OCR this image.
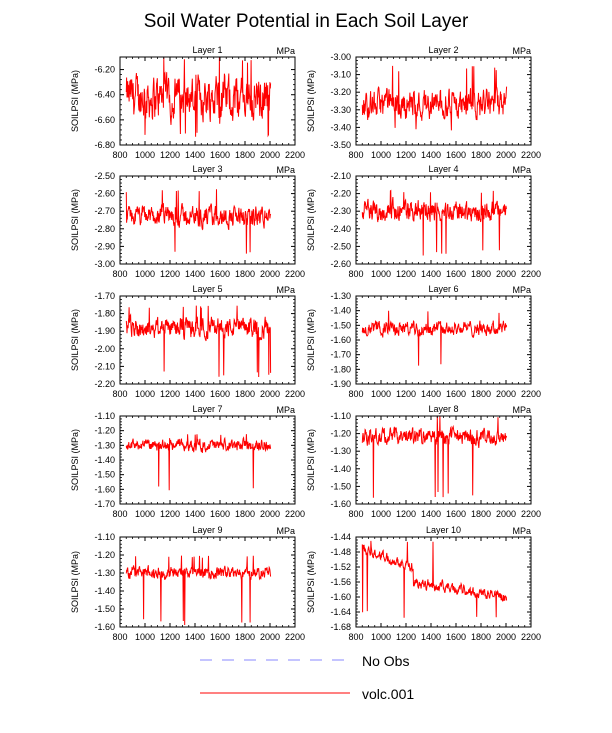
Soil Water Potential in Each Soil Layer
800 1000 1200 1400 1600 1800 2000 2200
-6.80
-6.60
-6.40
-6.20
Layer 1	MPa
SOILPSI (MPa)
800 1000 1200 1400 1600 1800 2000 2200
-3.50
-3.40
-3.30
-3.20
-3.10
-3.00
Layer 2	MPa
SOILPSI (MPa)
800 1000 1200 1400 1600 1800 2000 2200
-3.00
-2.90
-2.80
-2.70
-2.60
-2.50
Layer 3	MPa
SOILPSI (MPa)
800 1000 1200 1400 1600 1800 2000 2200
-2.60
-2.50
-2.40
-2.30
-2.20
-2.10
Layer 4	MPa
SOILPSI (MPa)
800 1000 1200 1400 1600 1800 2000 2200
-2.20
-2.10
-2.00
-1.90
-1.80
-1.70
Layer 5	MPa
SOILPSI (MPa)
800 1000 1200 1400 1600 1800 2000 2200
-1.90
-1.80
-1.70
-1.60
-1.50
-1.40
-1.30
Layer 6	MPa
SOILPSI (MPa)
800 1000 1200 1400 1600 1800 2000 2200
-1.70
-1.60
-1.50
-1.40
-1.30
-1.20
-1.10
Layer 7	MPa
SOILPSI (MPa)
800 1000 1200 1400 1600 1800 2000 2200
-1.60
-1.50
-1.40
-1.30
-1.20
-1.10
Layer 8	MPa
SOILPSI (MPa)
800 1000 1200 1400 1600 1800 2000 2200
-1.60
-1.50
-1.40
-1.30
-1.20
-1.10
Layer 9	MPa
SOILPSI (MPa)
800 1000 1200 1400 1600 1800 2000 2200
-1.68
-1.64
-1.60
-1.56
-1.52
-1.48
-1.44
Layer 10	MPa
SOILPSI (MPa)
No Obs
volc.001
